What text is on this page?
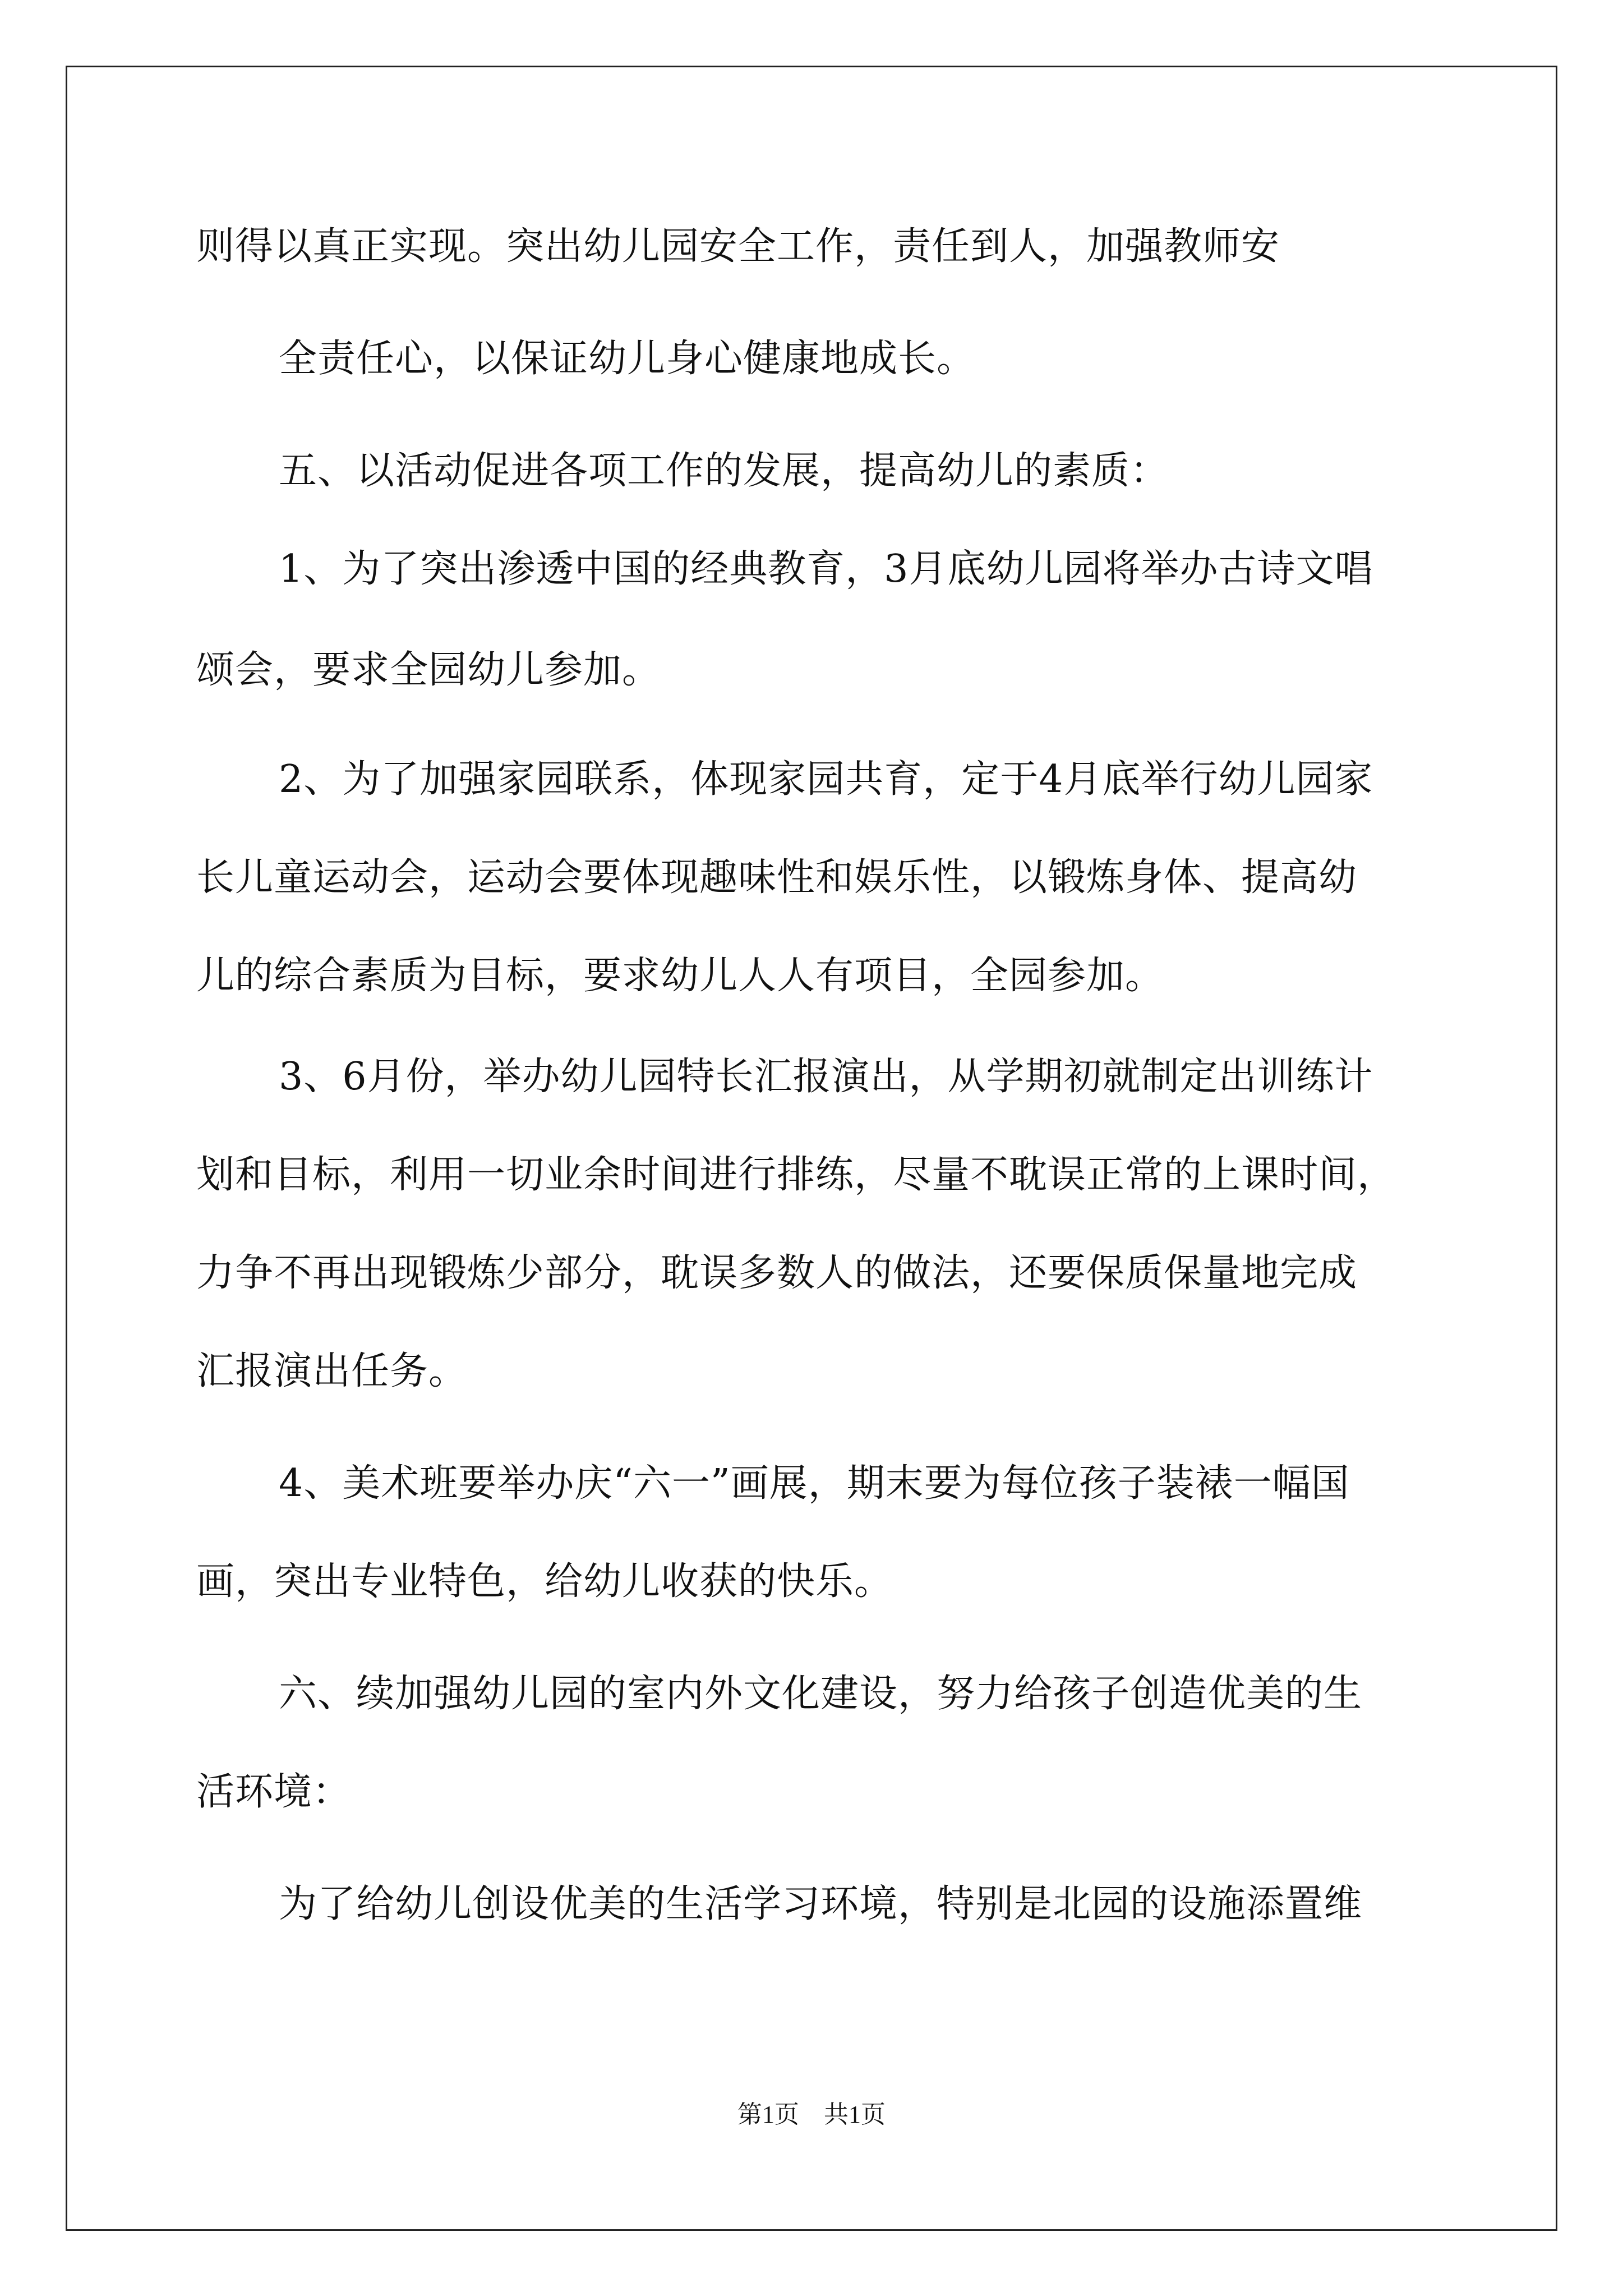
则得以真正实现。突出幼儿园安全工作，责任到人，加强教师安
全责任心，以保证幼儿身心健康地成长。
五、以活动促进各项工作的发展，提高幼儿的素质：
1、为了突出渗透中国的经典教育，3月底幼儿园将举办古诗文唱
颂会，要求全园幼儿参加。
2、为了加强家园联系，体现家园共育，定于4月底举行幼儿园家
长儿童运动会，运动会要体现趣味性和娱乐性，以锻炼身体、提高幼
儿的综合素质为目标，要求幼儿人人有项目，全园参加。
3、6月份，举办幼儿园特长汇报演出，从学期初就制定出训练计
划和目标，利用一切业余时间进行排练，尽量不耽误正常的上课时间，
力争不再出现锻炼少部分，耽误多数人的做法，还要保质保量地完成
汇报演出任务。
4、美术班要举办庆“六一”画展，期末要为每位孩子装裱一幅国
画，突出专业特色，给幼儿收获的快乐。
六、续加强幼儿园的室内外文化建设，努力给孩子创造优美的生
活环境：
为了给幼儿创设优美的生活学习环境，特别是北园的设施添置维
第1页　共1页
